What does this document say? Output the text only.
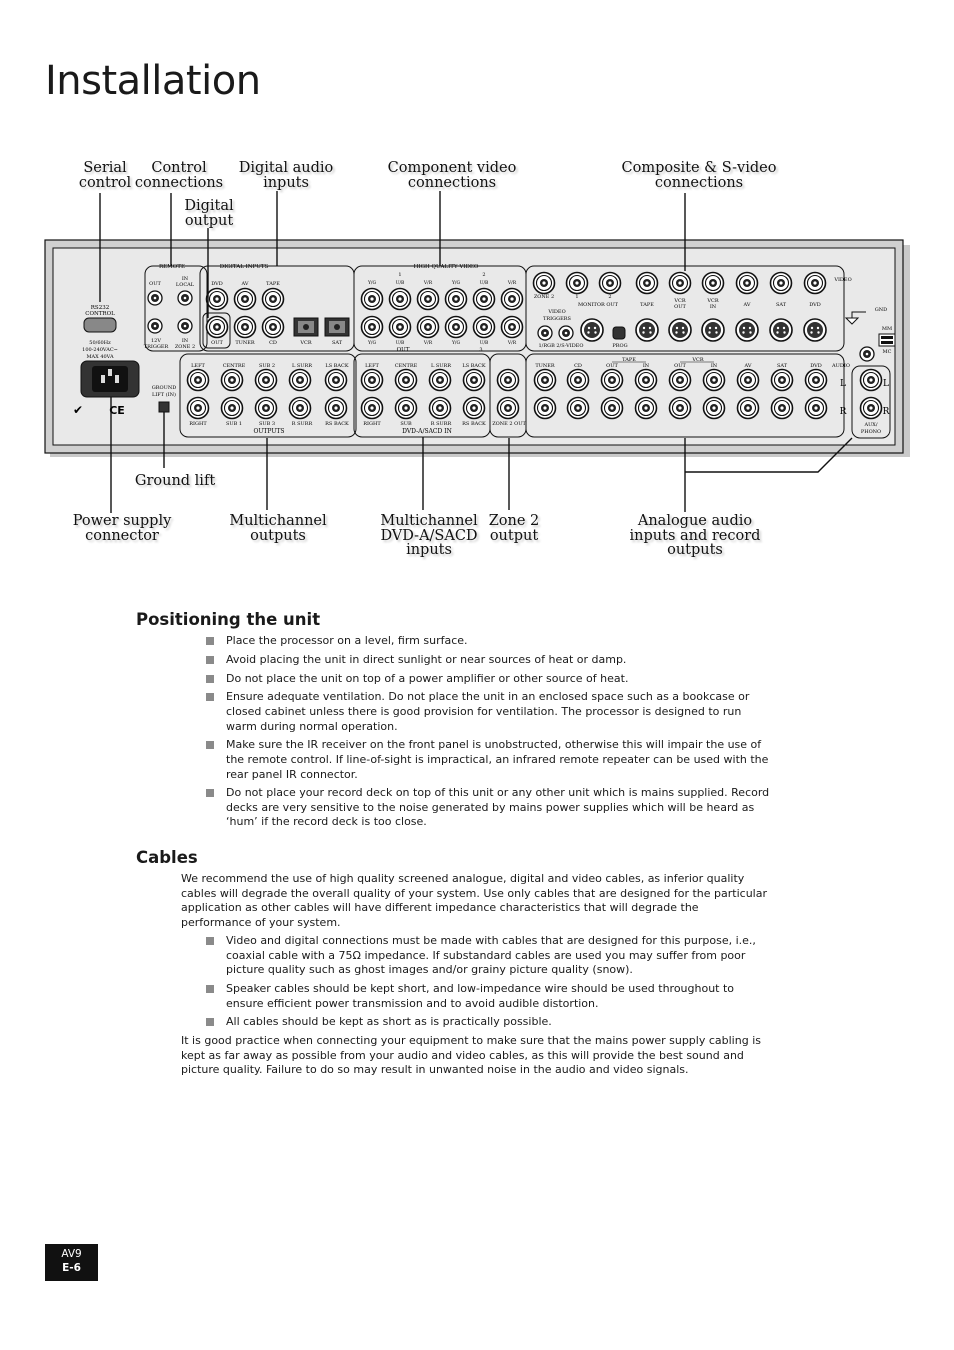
Installation
RS232 CONTROL
50/60Hz
100-240VAC~
MAX 40VA
✔ CE
GROUND
LIFT (IN)
REMOTE
OUT
IN
LOCAL
12V
TRIGGER
IN
ZONE 2
DIGITAL INPUTS
DVD	AV	TAPE
OUT	TUNER	CD	VCR	SAT
HIGH QUALITY VIDEO
1	2
Y/G	U/B	V/R	Y/G	U/B	V/R
Y/G	U/B	V/R	Y/G	U/B	V/R
OUT	3
ZONE 2	1	2
MONITOR OUT	TAPE
VCR
OUT
VCR
IN	AV	SAT	DVD
VIDEO
GND
VIDEO
TRIGGERS
1/RGB 2/S-VIDEO	PROG
LEFT	CENTRE	SUB 2	L SURR	LS BACK
RIGHT	SUB 1	SUB 3	R SURR	RS BACK
OUTPUTS
LEFT	CENTRE	L SURR LS BACK
RIGHT	SUB	R SURR RS BACK
DVD-A/SACD IN
ZONE 2 OUT
TUNER	CD	OUT	IN
TAPE
OUT	IN
VCR
AV	SAT	DVD AUDIO
L
R
L
R
MM
MC
AUX/
PHONO
Serial
control
Control
connections
Digital audio
inputs
Digital
output
Component video
connections
Composite & S-video
connections
Ground lift
Power supply
connector
Multichannel
outputs
Multichannel
DVD-A/SACD
inputs
Zone 2
output
Analogue audio
inputs and record
outputs
Positioning the unit
Place the processor on a level, firm surface.
Avoid placing the unit in direct sunlight or near sources of heat or damp.
Do not place the unit on top of a power amplifier or other source of heat.
Ensure adequate ventilation. Do not place the unit in an enclosed space such as a bookcase or closed cabinet unless there is good provision for ventilation. The processor is designed to run warm during normal operation.
Make sure the IR receiver on the front panel is unobstructed, otherwise this will impair the use of the remote control. If line-of-sight is impractical, an infrared remote repeater can be used with the rear panel IR connector.
Do not place your record deck on top of this unit or any other unit which is mains supplied. Record decks are very sensitive to the noise generated by mains power supplies which will be heard as ‘hum’ if the record deck is too close.
Cables

We recommend the use of high quality screened analogue, digital and video cables, as inferior quality cables will degrade the overall quality of your system. Use only cables that are designed for the particular application as other cables will have different impedance characteristics that will degrade the performance of your system.

Video and digital connections must be made with cables that are designed for this purpose, i.e., coaxial cable with a 75Ω impedance. If substandard cables are used you may suffer from poor picture quality such as ghost images and/or grainy picture quality (snow).
Speaker cables should be kept short, and low-impedance wire should be used throughout to ensure efficient power transmission and to avoid audible distortion.
All cables should be kept as short as is practically possible.

It is good practice when connecting your equipment to make sure that the mains power supply cabling is kept as far away as possible from your audio and video cables, as this will provide the best sound and picture quality. Failure to do so may result in unwanted noise in the audio and video signals.

AV9
E-6
